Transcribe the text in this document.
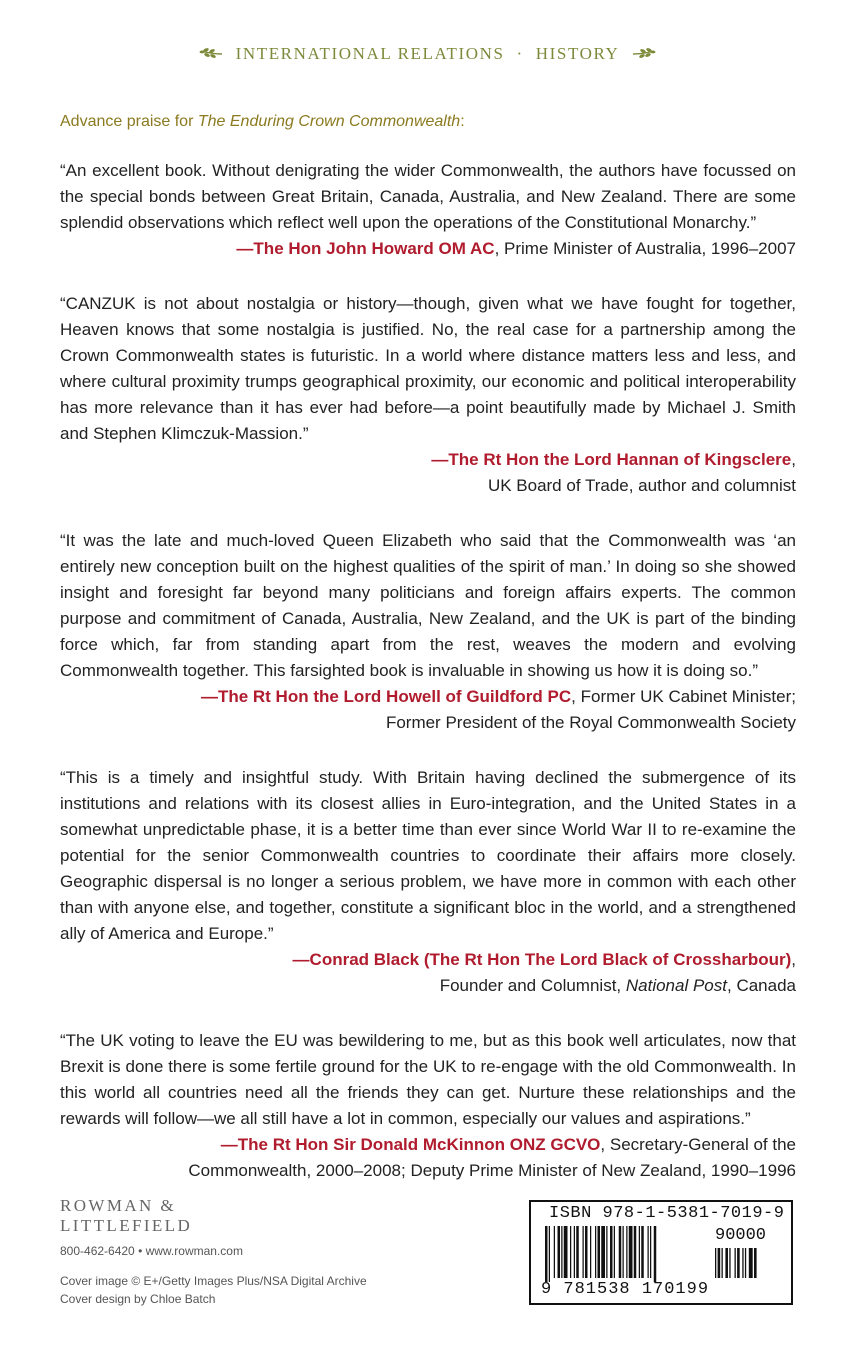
INTERNATIONAL RELATIONS · HISTORY
Advance praise for The Enduring Crown Commonwealth:

“An excellent book. Without denigrating the wider Commonwealth, the authors have focussed on the special bonds between Great Britain, Canada, Australia, and New Zealand. There are some splendid observations which reflect well upon the operations of the Constitutional Monarchy.”

—The Hon John Howard OM AC, Prime Minister of Australia, 1996–2007

“CANZUK is not about nostalgia or history—though, given what we have fought for together, Heaven knows that some nostalgia is justified. No, the real case for a partnership among the Crown Commonwealth states is futuristic. In a world where distance matters less and less, and where cultural proximity trumps geographical proximity, our economic and political interoperability has more relevance than it has ever had before—a point beautifully made by Michael J. Smith and Stephen Klimczuk-Massion.”

—The Rt Hon the Lord Hannan of Kingsclere,
UK Board of Trade, author and columnist

“It was the late and much-loved Queen Elizabeth who said that the Commonwealth was ‘an entirely new conception built on the highest qualities of the spirit of man.’ In doing so she showed insight and foresight far beyond many politicians and foreign affairs experts. The common purpose and commitment of Canada, Australia, New Zealand, and the UK is part of the binding force which, far from standing apart from the rest, weaves the modern and evolving Commonwealth together. This farsighted book is invaluable in showing us how it is doing so.”

—The Rt Hon the Lord Howell of Guildford PC, Former UK Cabinet Minister;
Former President of the Royal Commonwealth Society

“This is a timely and insightful study. With Britain having declined the submergence of its institutions and relations with its closest allies in Euro-integration, and the United States in a somewhat unpredictable phase, it is a better time than ever since World War II to re-examine the potential for the senior Commonwealth countries to coordinate their affairs more closely. Geographic dispersal is no longer a serious problem, we have more in common with each other than with anyone else, and together, constitute a significant bloc in the world, and a strengthened ally of America and Europe.”

—Conrad Black (The Rt Hon The Lord Black of Crossharbour),
Founder and Columnist, National Post, Canada

“The UK voting to leave the EU was bewildering to me, but as this book well articulates, now that Brexit is done there is some fertile ground for the UK to re-engage with the old Commonwealth. In this world all countries need all the friends they can get. Nurture these relationships and the rewards will follow—we all still have a lot in common, especially our values and aspirations.”

—The Rt Hon Sir Donald McKinnon ONZ GCVO, Secretary-General of the
Commonwealth, 2000–2008; Deputy Prime Minister of New Zealand, 1990–1996
ROWMAN &
LITTLEFIELD
800-462-6420 • www.rowman.com
Cover image © E+/Getty Images Plus/NSA Digital Archive
Cover design by Chloe Batch
ISBN 978-1-5381-7019-9
90000
9 781538 170199
